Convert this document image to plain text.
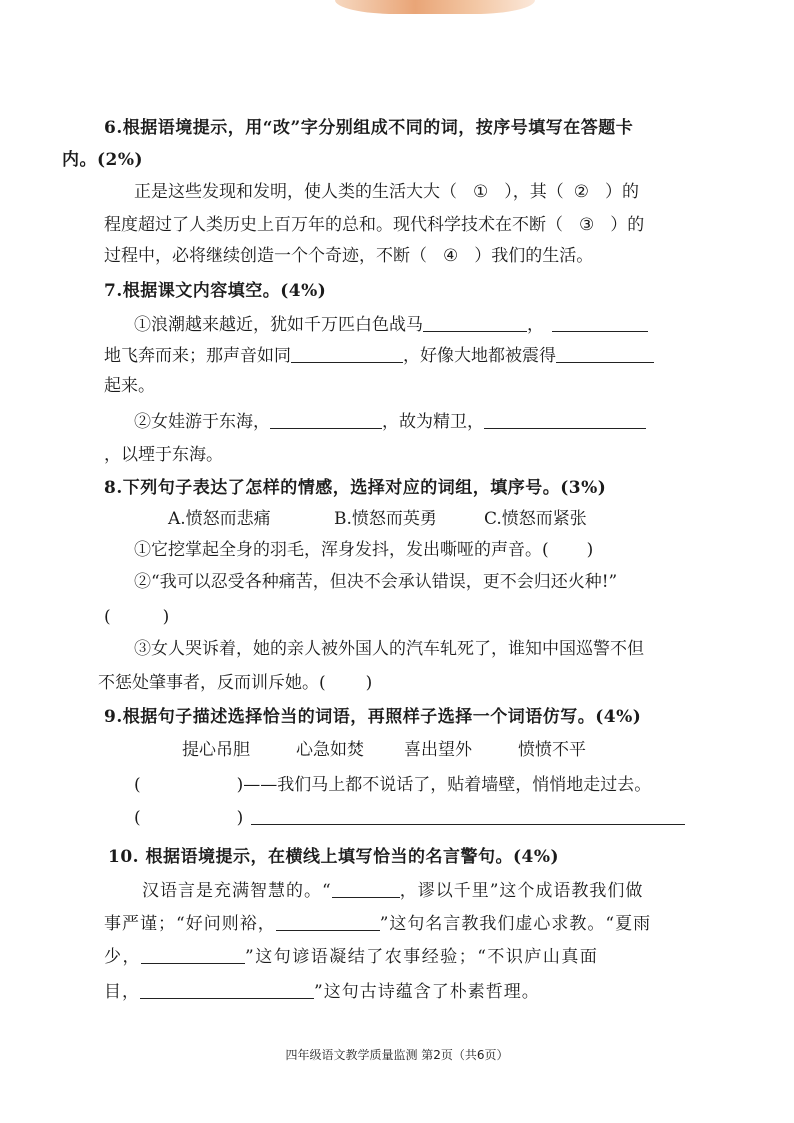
6.根据语境提示，用“改”字分别组成不同的词，按序号填写在答题卡
内。(2%)
正是这些发现和发明，使人类的生活大大（ ① ），其（ ② ）的
程度超过了人类历史上百万年的总和。现代科学技术在不断（ ③ ）的
过程中，必将继续创造一个个奇迹，不断（ ④ ）我们的生活。
7.根据课文内容填空。(4%)
①浪潮越来越近，犹如千万匹白色战马	，
地飞奔而来；那声音如同	，好像大地都被震得
起来。
②女娃游于东海，	，故为精卫，
，以堙于东海。
8.下列句子表达了怎样的情感，选择对应的词组，填序号。(3%)
A.愤怒而悲痛	B.愤怒而英勇	C.愤怒而紧张
①它挖掌起全身的羽毛，浑身发抖，发出嘶哑的声音。( )
②“我可以忍受各种痛苦，但决不会承认错误，更不会归还火种!”
(	)
③女人哭诉着，她的亲人被外国人的汽车轧死了，谁知中国巡警不但
不惩处肇事者，反而训斥她。( )
9.根据句子描述选择恰当的词语，再照样子选择一个词语仿写。(4%)
提心吊胆	心急如焚 喜出望外	愤愤不平
(	)——我们马上都不说话了，贴着墙壁，悄悄地走过去。
(	)
10. 根据语境提示，在横线上填写恰当的名言警句。(4%)
汉语言是充满智慧的。“	，谬以千里”这个成语教我们做
事严谨；“好问则裕，	”这句名言教我们虚心求教。“夏雨
少，	”这句谚语凝结了农事经验；“不识庐山真面
目，	”这句古诗蕴含了朴素哲理。
四年级语文教学质量监测 第2页（共6页）
